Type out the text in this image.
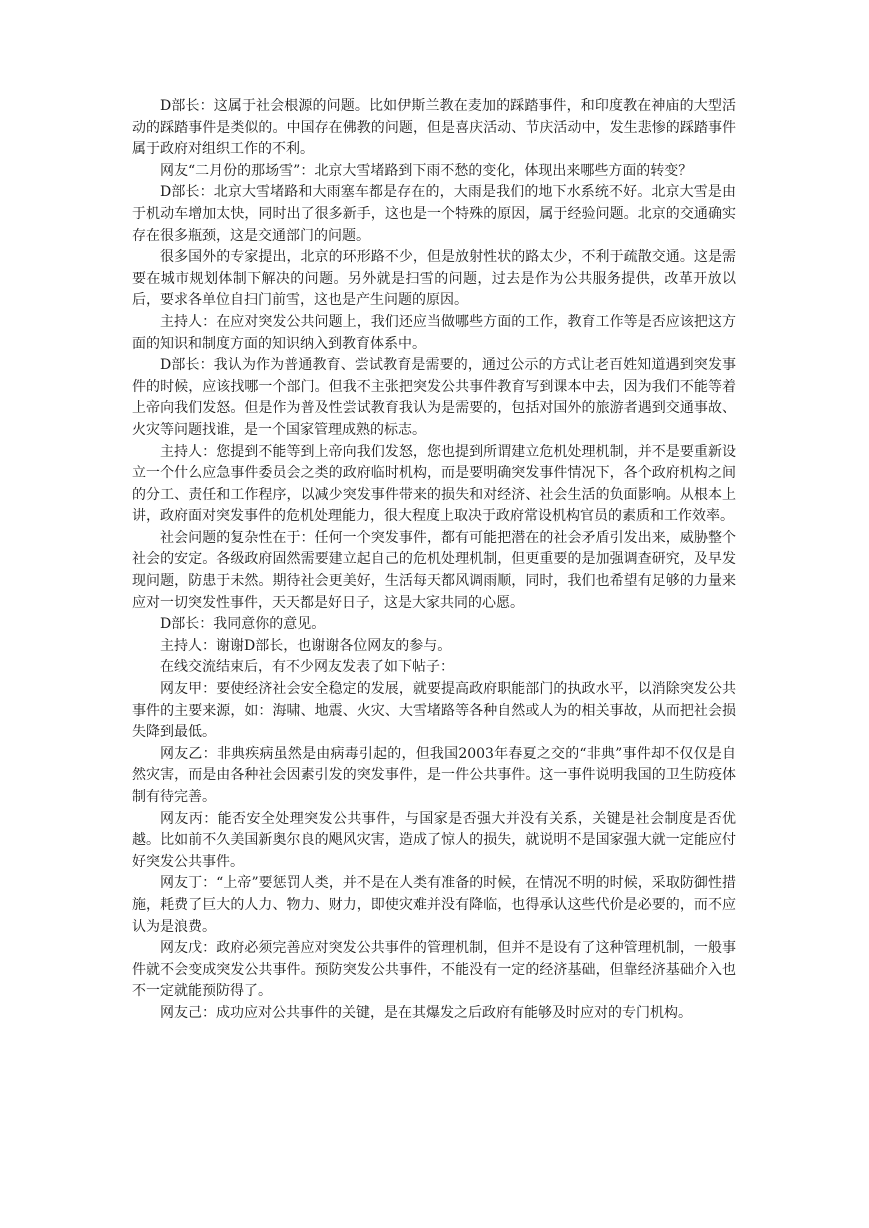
D部长：这属于社会根源的问题。比如伊斯兰教在麦加的踩踏事件，和印度教在神庙的大型活动的踩踏事件是类似的。中国存在佛教的问题，但是喜庆活动、节庆活动中，发生悲惨的踩踏事件属于政府对组织工作的不利。

网友“二月份的那场雪”：北京大雪堵路到下雨不愁的变化，体现出来哪些方面的转变？

D部长：北京大雪堵路和大雨塞车都是存在的，大雨是我们的地下水系统不好。北京大雪是由于机动车增加太快，同时出了很多新手，这也是一个特殊的原因，属于经验问题。北京的交通确实存在很多瓶颈，这是交通部门的问题。

很多国外的专家提出，北京的环形路不少，但是放射性状的路太少，不利于疏散交通。这是需要在城市规划体制下解决的问题。另外就是扫雪的问题，过去是作为公共服务提供，改革开放以后，要求各单位自扫门前雪，这也是产生问题的原因。

主持人：在应对突发公共问题上，我们还应当做哪些方面的工作，教育工作等是否应该把这方面的知识和制度方面的知识纳入到教育体系中。

D部长：我认为作为普通教育、尝试教育是需要的，通过公示的方式让老百姓知道遇到突发事件的时候，应该找哪一个部门。但我不主张把突发公共事件教育写到课本中去，因为我们不能等着上帝向我们发怒。但是作为普及性尝试教育我认为是需要的，包括对国外的旅游者遇到交通事故、火灾等问题找谁，是一个国家管理成熟的标志。

主持人：您提到不能等到上帝向我们发怒，您也提到所谓建立危机处理机制，并不是要重新设立一个什么应急事件委员会之类的政府临时机构，而是要明确突发事件情况下，各个政府机构之间的分工、责任和工作程序，以减少突发事件带来的损失和对经济、社会生活的负面影响。从根本上讲，政府面对突发事件的危机处理能力，很大程度上取决于政府常设机构官员的素质和工作效率。

社会问题的复杂性在于：任何一个突发事件，都有可能把潜在的社会矛盾引发出来，威胁整个社会的安定。各级政府固然需要建立起自己的危机处理机制，但更重要的是加强调查研究，及早发现问题，防患于未然。期待社会更美好，生活每天都风调雨顺，同时，我们也希望有足够的力量来应对一切突发性事件，天天都是好日子，这是大家共同的心愿。

D部长：我同意你的意见。

主持人：谢谢D部长，也谢谢各位网友的参与。

在线交流结束后，有不少网友发表了如下帖子：

网友甲：要使经济社会安全稳定的发展，就要提高政府职能部门的执政水平，以消除突发公共事件的主要来源，如：海啸、地震、火灾、大雪堵路等各种自然或人为的相关事故，从而把社会损失降到最低。

网友乙：非典疾病虽然是由病毒引起的，但我国2003年春夏之交的“非典”事件却不仅仅是自然灾害，而是由各种社会因素引发的突发事件，是一件公共事件。这一事件说明我国的卫生防疫体制有待完善。

网友丙：能否安全处理突发公共事件，与国家是否强大并没有关系，关键是社会制度是否优越。比如前不久美国新奥尔良的飓风灾害，造成了惊人的损失，就说明不是国家强大就一定能应付好突发公共事件。

网友丁：“上帝”要惩罚人类，并不是在人类有准备的时候，在情况不明的时候，采取防御性措施，耗费了巨大的人力、物力、财力，即使灾难并没有降临，也得承认这些代价是必要的，而不应认为是浪费。

网友戊：政府必须完善应对突发公共事件的管理机制，但并不是设有了这种管理机制，一般事件就不会变成突发公共事件。预防突发公共事件，不能没有一定的经济基础，但靠经济基础介入也不一定就能预防得了。

网友己：成功应对公共事件的关键，是在其爆发之后政府有能够及时应对的专门机构。
